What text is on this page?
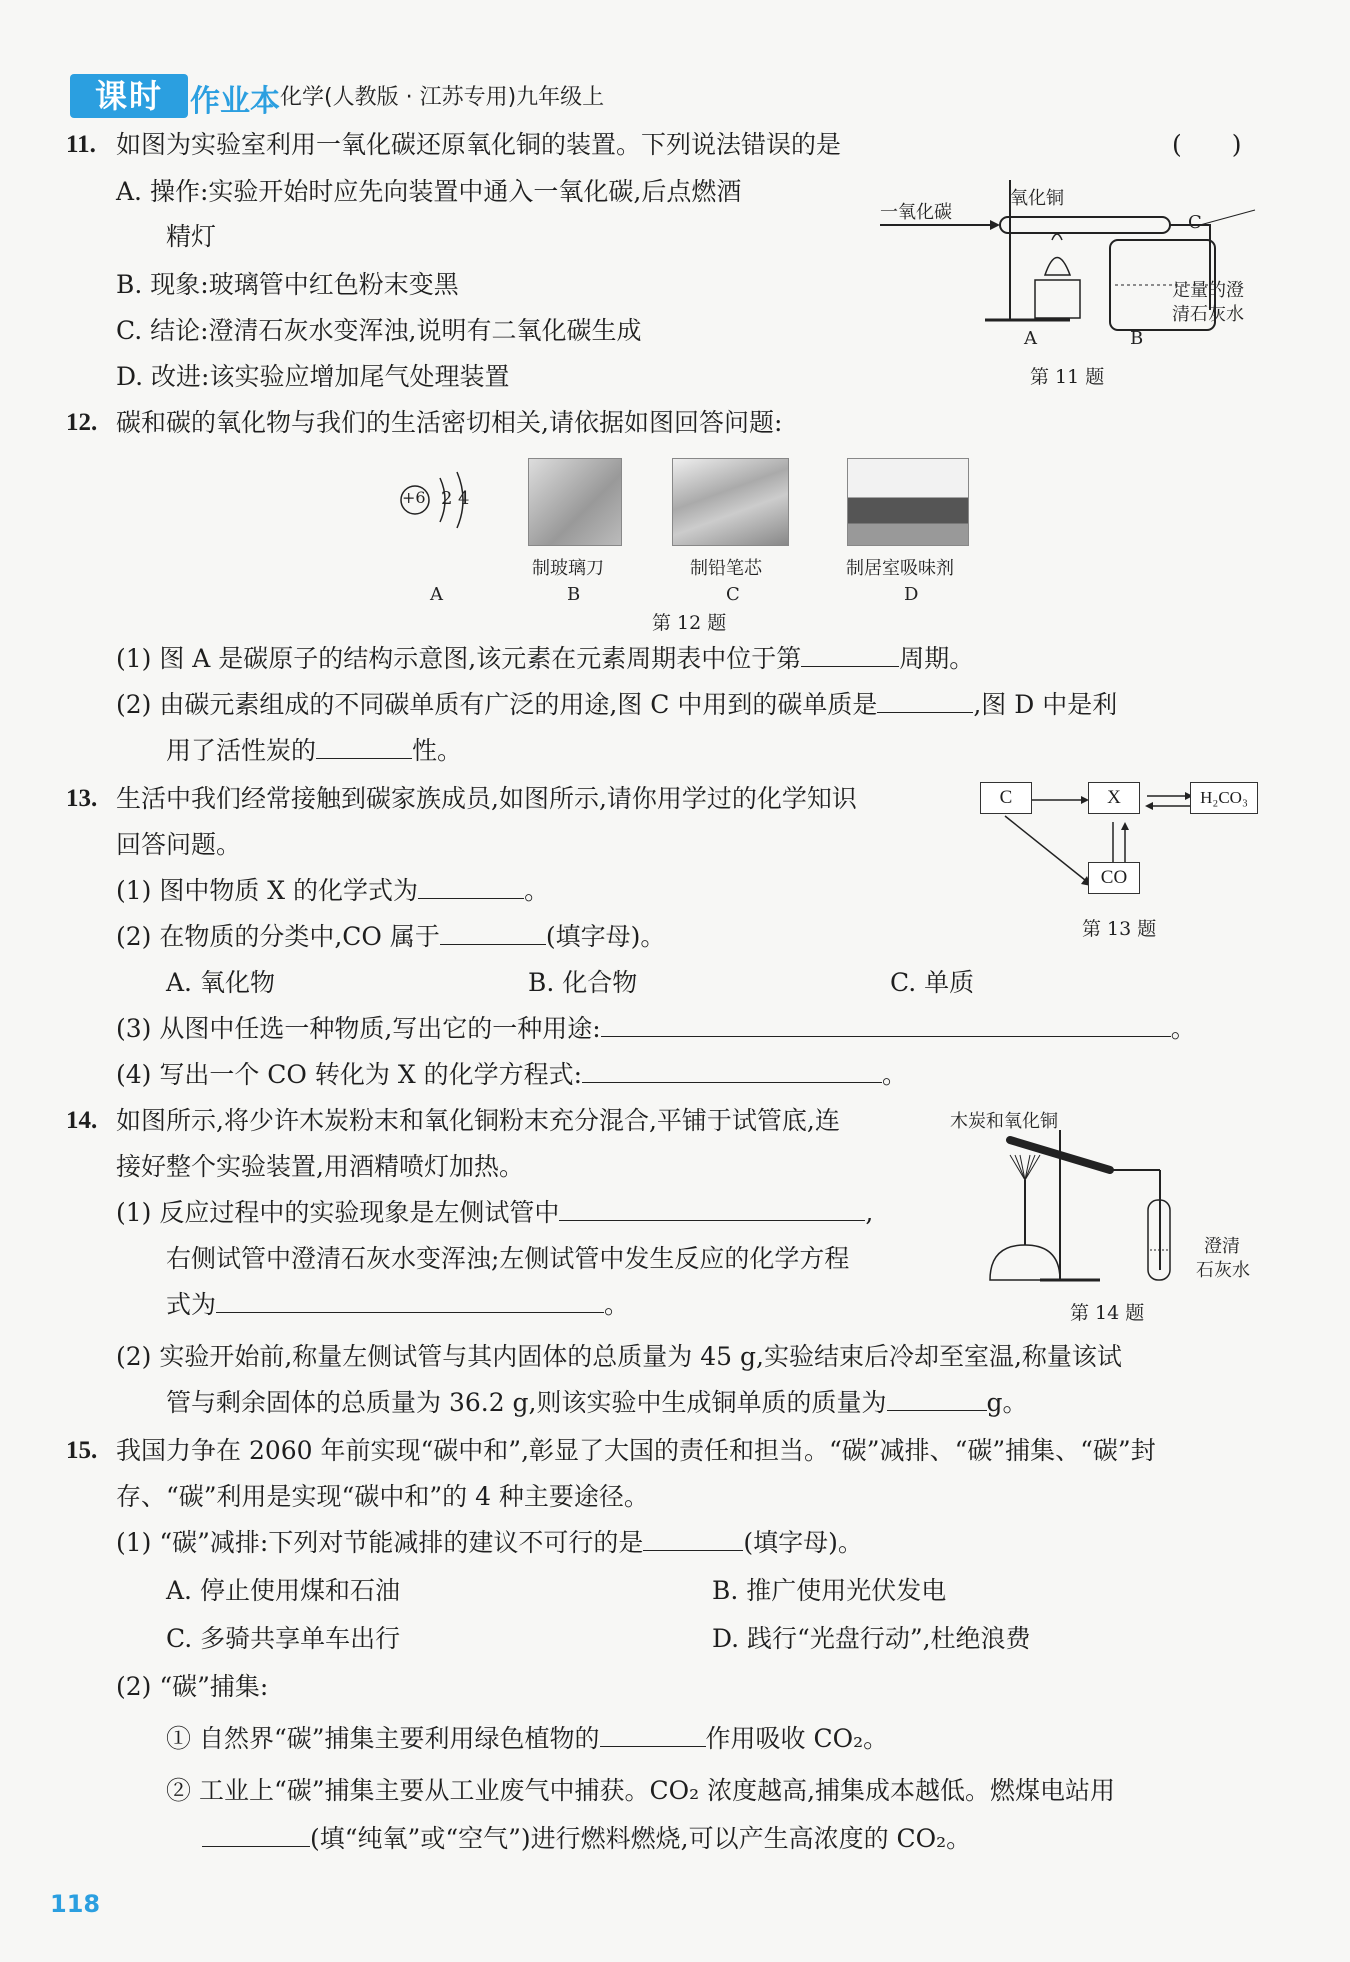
课时 作业本 化学(人教版 · 江苏专用)九年级上
11. 如图为实验室利用一氧化碳还原氧化铜的装置。下列说法错误的是	(　　)
A. 操作:实验开始时应先向装置中通入一氧化碳,后点燃酒
精灯
B. 现象:玻璃管中红色粉末变黑
C. 结论:澄清石灰水变浑浊,说明有二氧化碳生成
D. 改进:该实验应增加尾气处理装置
一氧化碳
氧化铜
C
足量的澄
清石灰水
A	B
第 11 题
12. 碳和碳的氧化物与我们的生活密切相关,请依据如图回答问题:
+6 2 4
制玻璃刀	制铅笔芯	制居室吸味剂
A	B	C	D
第 12 题
(1) 图 A 是碳原子的结构示意图,该元素在元素周期表中位于第	周期。
(2) 由碳元素组成的不同碳单质有广泛的用途,图 C 中用到的碳单质是	,图 D 中是利
用了活性炭的	性。
13. 生活中我们经常接触到碳家族成员,如图所示,请你用学过的化学知识
回答问题。
C	X	H₂CO₃
CO
第 13 题
(1) 图中物质 X 的化学式为	。
(2) 在物质的分类中,CO 属于	(填字母)。
A. 氧化物	B. 化合物	C. 单质
(3) 从图中任选一种物质,写出它的一种用途:	。
(4) 写出一个 CO 转化为 X 的化学方程式:	。
14. 如图所示,将少许木炭粉末和氧化铜粉末充分混合,平铺于试管底,连
接好整个实验装置,用酒精喷灯加热。
木炭和氧化铜
澄清
石灰水
第 14 题
(1) 反应过程中的实验现象是左侧试管中	,
右侧试管中澄清石灰水变浑浊;左侧试管中发生反应的化学方程
式为	。
(2) 实验开始前,称量左侧试管与其内固体的总质量为 45 g,实验结束后冷却至室温,称量该试
管与剩余固体的总质量为 36.2 g,则该实验中生成铜单质的质量为	g。
15. 我国力争在 2060 年前实现“碳中和”,彰显了大国的责任和担当。“碳”减排、“碳”捕集、“碳”封
存、“碳”利用是实现“碳中和”的 4 种主要途径。
(1) “碳”减排:下列对节能减排的建议不可行的是	(填字母)。
A. 停止使用煤和石油	B. 推广使用光伏发电
C. 多骑共享单车出行	D. 践行“光盘行动”,杜绝浪费
(2) “碳”捕集:
① 自然界“碳”捕集主要利用绿色植物的	作用吸收 CO₂。
② 工业上“碳”捕集主要从工业废气中捕获。CO₂ 浓度越高,捕集成本越低。燃煤电站用
(填“纯氧”或“空气”)进行燃料燃烧,可以产生高浓度的 CO₂。
118
